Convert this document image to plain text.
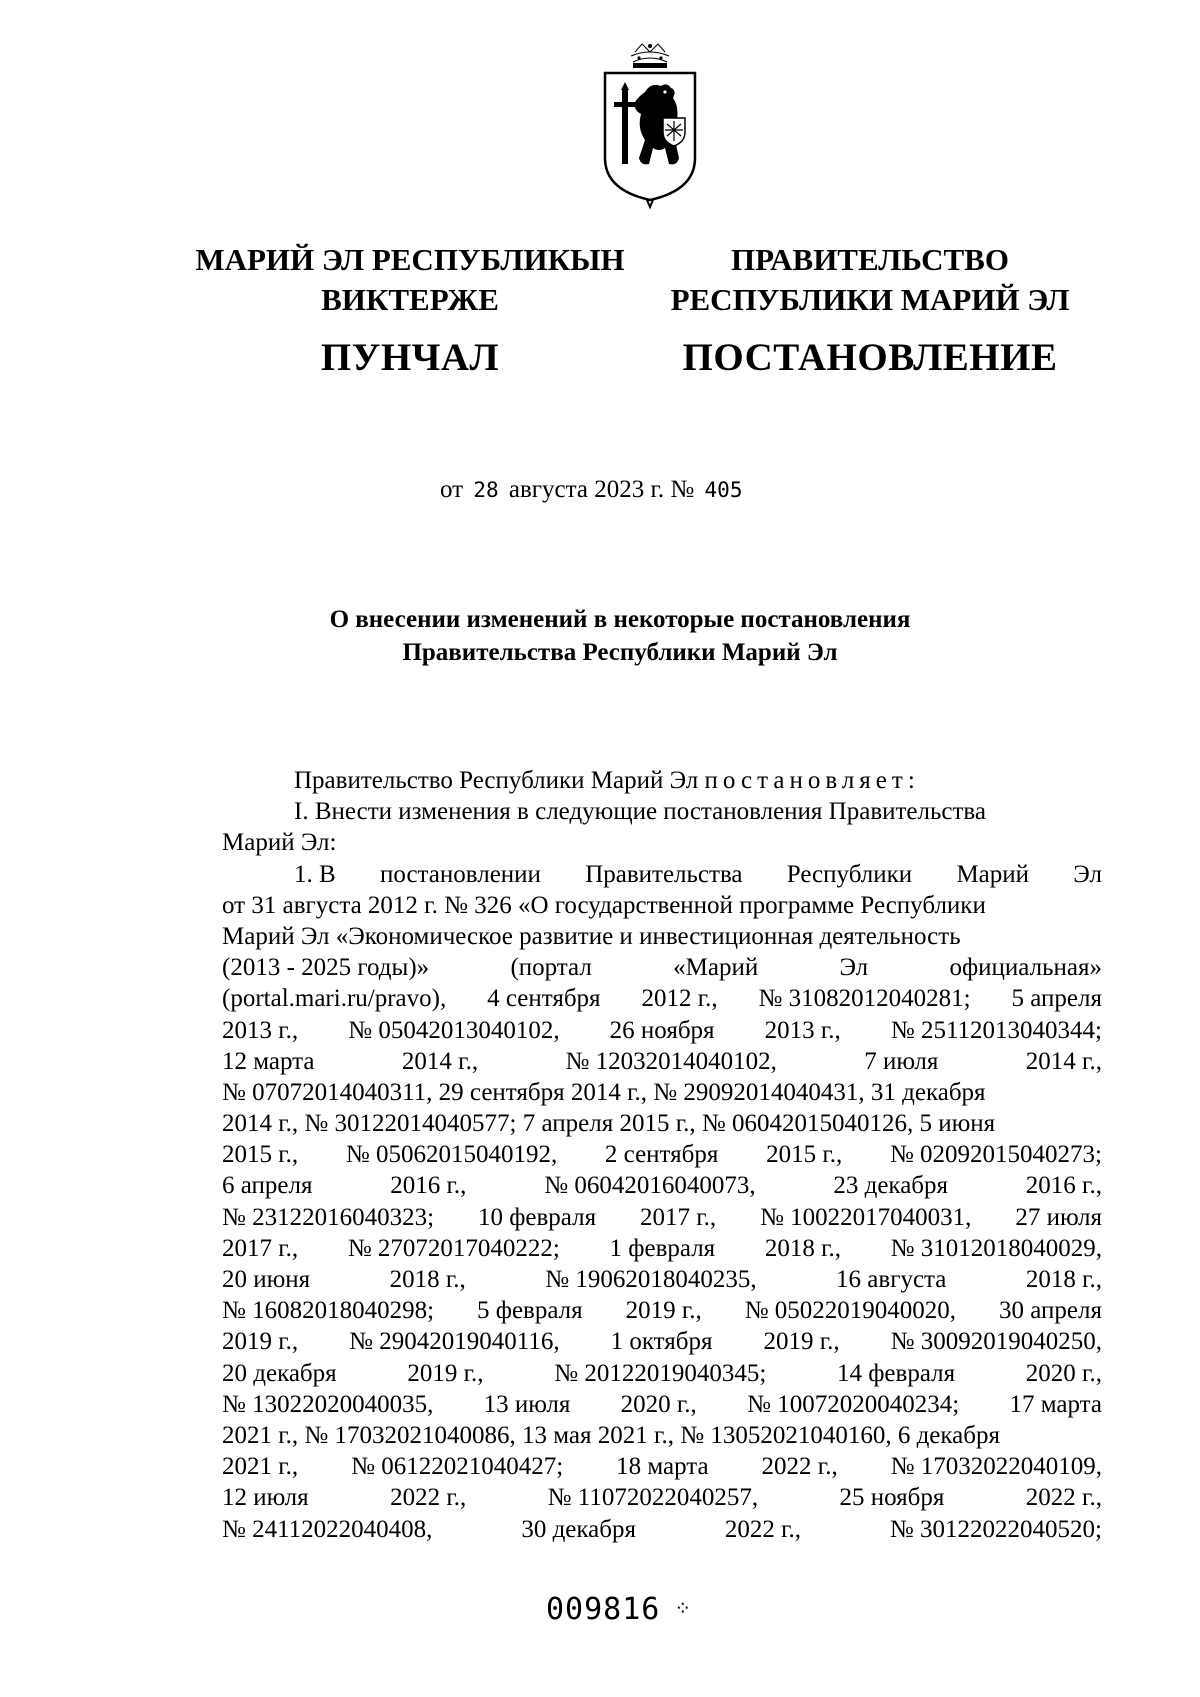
МАРИЙ ЭЛ РЕСПУБЛИКЫН
ВИКТЕРЖЕ
ПУНЧАЛ
ПРАВИТЕЛЬСТВО
РЕСПУБЛИКИ МАРИЙ ЭЛ
ПОСТАНОВЛЕНИЕ
от 28 августа 2023 г. № 405
О внесении изменений в некоторые постановления
Правительства Республики Марий Эл
Правительство Республики Марий Эл постановляет:
I. Внести изменения в следующие постановления Правительства
Марий Эл:
1. В постановлении Правительства Республики Марий Эл
от 31 августа 2012 г. № 326 «О государственной программе Республики
Марий Эл «Экономическое развитие и инвестиционная деятельность
(2013 - 2025 годы)»	(портал	«Марий	Эл	официальная»
(portal.mari.ru/pravo), 4 сентября 2012 г., № 31082012040281; 5 апреля
2013 г., № 05042013040102, 26 ноября 2013 г., № 25112013040344;
12 марта	2014 г.,	№ 12032014040102,	7 июля	2014 г.,
№ 07072014040311, 29 сентября 2014 г., № 29092014040431, 31 декабря
2014 г., № 30122014040577; 7 апреля 2015 г., № 06042015040126, 5 июня
2015 г., № 05062015040192, 2 сентября 2015 г., № 02092015040273;
6 апреля	2016 г.,	№ 06042016040073,	23 декабря	2016 г.,
№ 23122016040323; 10 февраля 2017 г., № 10022017040031, 27 июля
2017 г., № 27072017040222; 1 февраля 2018 г., № 31012018040029,
20 июня	2018 г.,	№ 19062018040235,	16 августа	2018 г.,
№ 16082018040298; 5 февраля 2019 г., № 05022019040020, 30 апреля
2019 г., № 29042019040116, 1 октября 2019 г., № 30092019040250,
20 декабря	2019 г.,	№ 20122019040345;	14 февраля	2020 г.,
№ 13022020040035, 13 июля 2020 г., № 10072020040234; 17 марта
2021 г., № 17032021040086, 13 мая 2021 г., № 13052021040160, 6 декабря
2021 г., № 06122021040427; 18 марта 2022 г., № 17032022040109,
12 июля	2022 г.,	№ 11072022040257,	25 ноября	2022 г.,
№ 24112022040408,	30 декабря	2022 г.,	№ 30122022040520;
009816 ⁘
